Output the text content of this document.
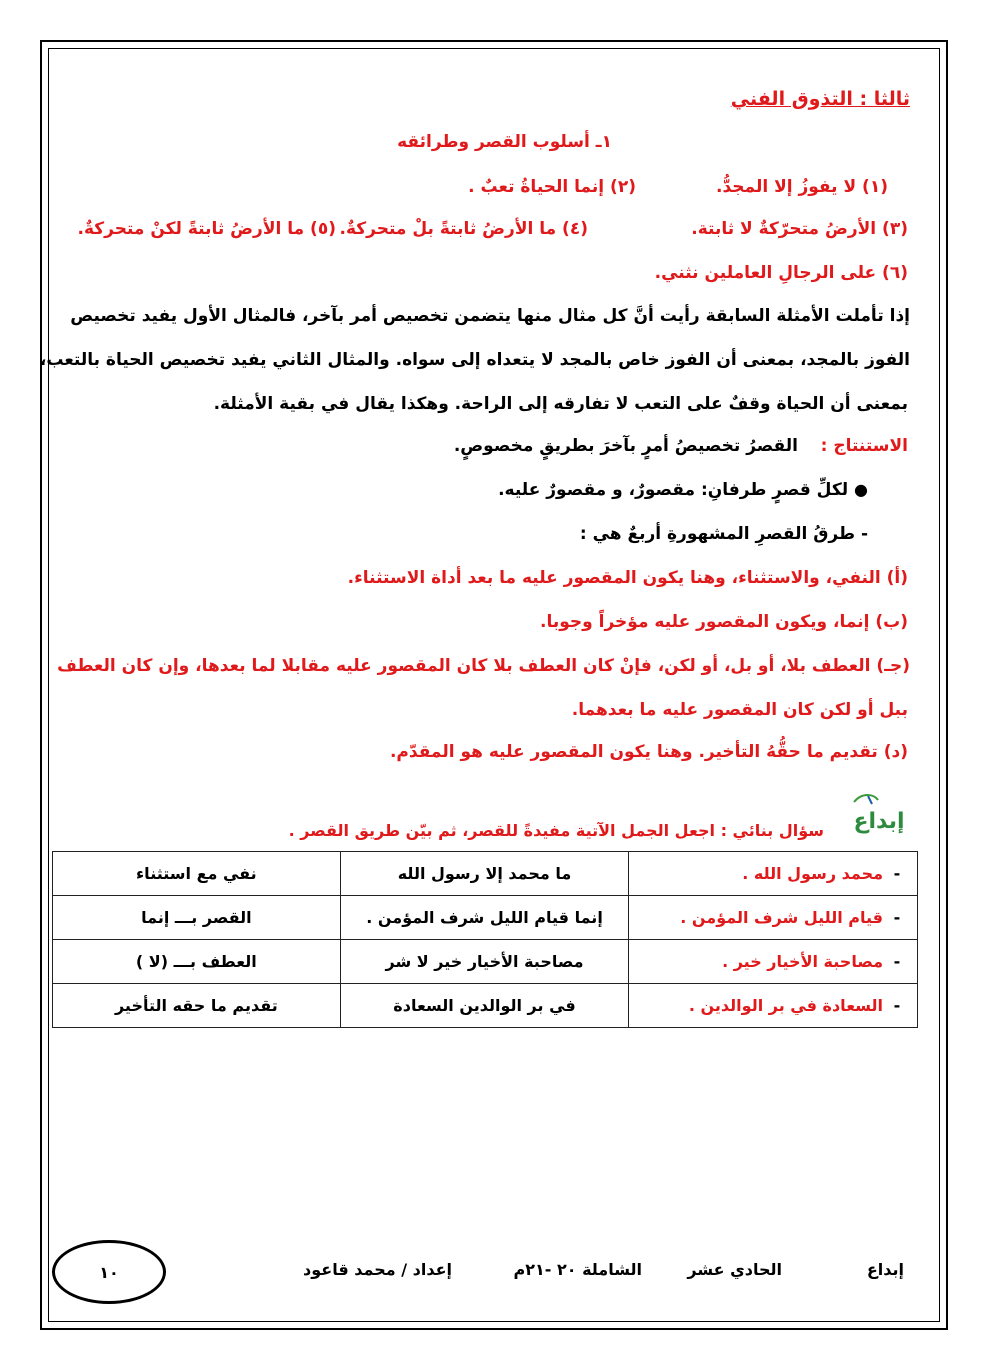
ثالثا : التذوق الفني
١ـ أسلوب القصر وطرائقه
(١) لا يفوزُ إلا المجدُّ.
(٢) إنما الحياةُ تعبٌ .
(٣) الأرضُ متحرّكةٌ لا ثابتة.
(٤) ما الأرضُ ثابتةً بلْ متحركةٌ.
(٥) ما الأرضُ ثابتةً لكنْ متحركةٌ.
(٦) على الرجالِ العاملين نثني.
إذا تأملت الأمثلة السابقة رأيت أنَّ كل مثال منها يتضمن تخصيص أمر بآخر، فالمثال الأول يفيد تخصيص
الفوز بالمجد، بمعنى أن الفوز خاص بالمجد لا يتعداه إلى سواه. والمثال الثاني يفيد تخصيص الحياة بالتعب،
بمعنى أن الحياة وقفٌ على التعب لا تفارقه إلى الراحة. وهكذا يقال في بقية الأمثلة.
الاستنتاج :
القصرُ تخصيصُ أمرٍ بآخرَ بطريقٍ مخصوصٍ.
● لكلِّ قصرٍ طرفانِ: مقصورٌ، و مقصورٌ عليه.
- طرقُ القصرِ المشهورةِ أربعٌ هي :
(أ) النفي، والاستثناء، وهنا يكون المقصور عليه ما بعد أداة الاستثناء.
(ب) إنما، ويكون المقصور عليه مؤخراً وجوبا.
(جـ) العطف بلا، أو بل، أو لكن، فإنْ كان العطف بلا كان المقصور عليه مقابلا لما بعدها، وإن كان العطف
ببل أو لكن كان المقصور عليه ما بعدهما.
(د) تقديم ما حقُّهُ التأخير. وهنا يكون المقصور عليه هو المقدّم.
إبداع
سؤال بنائي : اجعل الجمل الآتية مفيدةً للقصر، ثم بيّن طريق القصر .
-محمد رسول الله .	ما محمد إلا رسول الله	نفي مع استثناء
-قيام الليل شرف المؤمن .	إنما قيام الليل شرف المؤمن .	القصر بـــ إنما
-مصاحبة الأخيار خير .	مصاحبة الأخيار خير لا شر	العطف بـــ (لا )
-السعادة في بر الوالدين .	في بر الوالدين السعادة	تقديم ما حقه التأخير
إبداع
الحادي عشر
الشاملة ٢٠ -٢١م
إعداد / محمد قاعود
١٠
